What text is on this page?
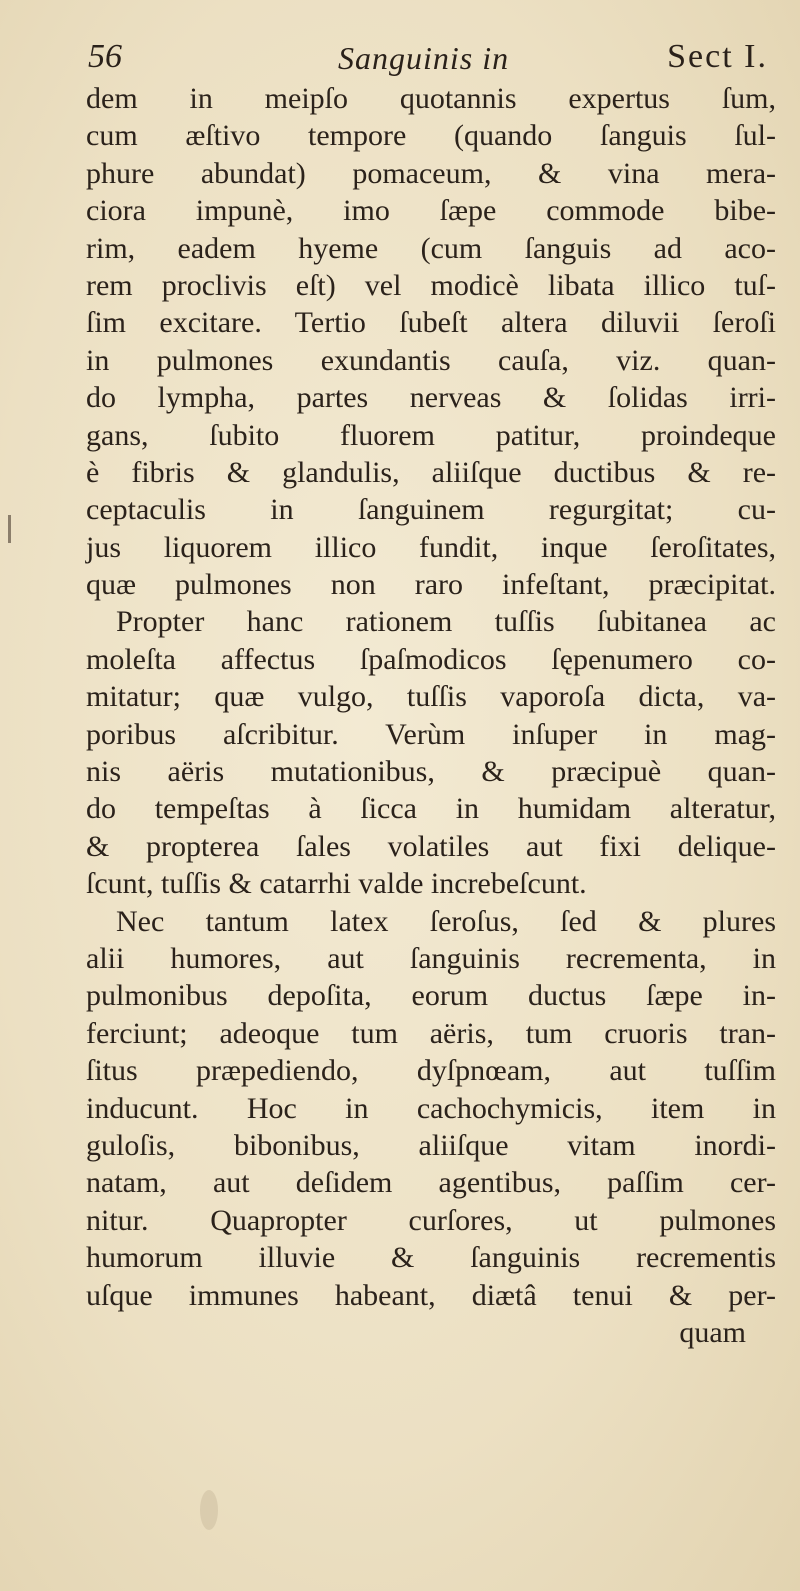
56	Sanguinis in	Sect I.
dem in meipſo quotannis expertus ſum,
cum æſtivo tempore (quando ſanguis ſul-
phure abundat) pomaceum, & vina mera-
ciora impunè, imo ſæpe commode bibe-
rim, eadem hyeme (cum ſanguis ad aco-
rem proclivis eſt) vel modicè libata illico tuſ-
ſim excitare. Tertio ſubeſt altera diluvii ſeroſi
in pulmones exundantis cauſa, viz. quan-
do lympha, partes nerveas & ſolidas irri-
gans, ſubito fluorem patitur, proindeque
è fibris & glandulis, aliiſque ductibus & re-
ceptaculis in ſanguinem regurgitat; cu-
jus liquorem illico fundit, inque ſeroſitates,
quæ pulmones non raro infeſtant, præcipitat.
Propter hanc rationem tuſſis ſubitanea ac
moleſta affectus ſpaſmodicos ſępenumero co-
mitatur; quæ vulgo, tuſſis vaporoſa dicta, va-
poribus aſcribitur. Verùm inſuper in mag-
nis aëris mutationibus, & præcipuè quan-
do tempeſtas à ſicca in humidam alteratur,
& propterea ſales volatiles aut fixi delique-
ſcunt, tuſſis & catarrhi valde increbeſcunt.
Nec tantum latex ſeroſus, ſed & plures
alii humores, aut ſanguinis recrementa, in
pulmonibus depoſita, eorum ductus ſæpe in-
ferciunt; adeoque tum aëris, tum cruoris tran-
ſitus præpediendo, dyſpnœam, aut tuſſim
inducunt. Hoc in cachochymicis, item in
guloſis, bibonibus, aliiſque vitam inordi-
natam, aut deſidem agentibus, paſſim cer-
nitur. Quapropter curſores, ut pulmones
humorum illuvie & ſanguinis recrementis
uſque immunes habeant, diætâ tenui & per-
quam
